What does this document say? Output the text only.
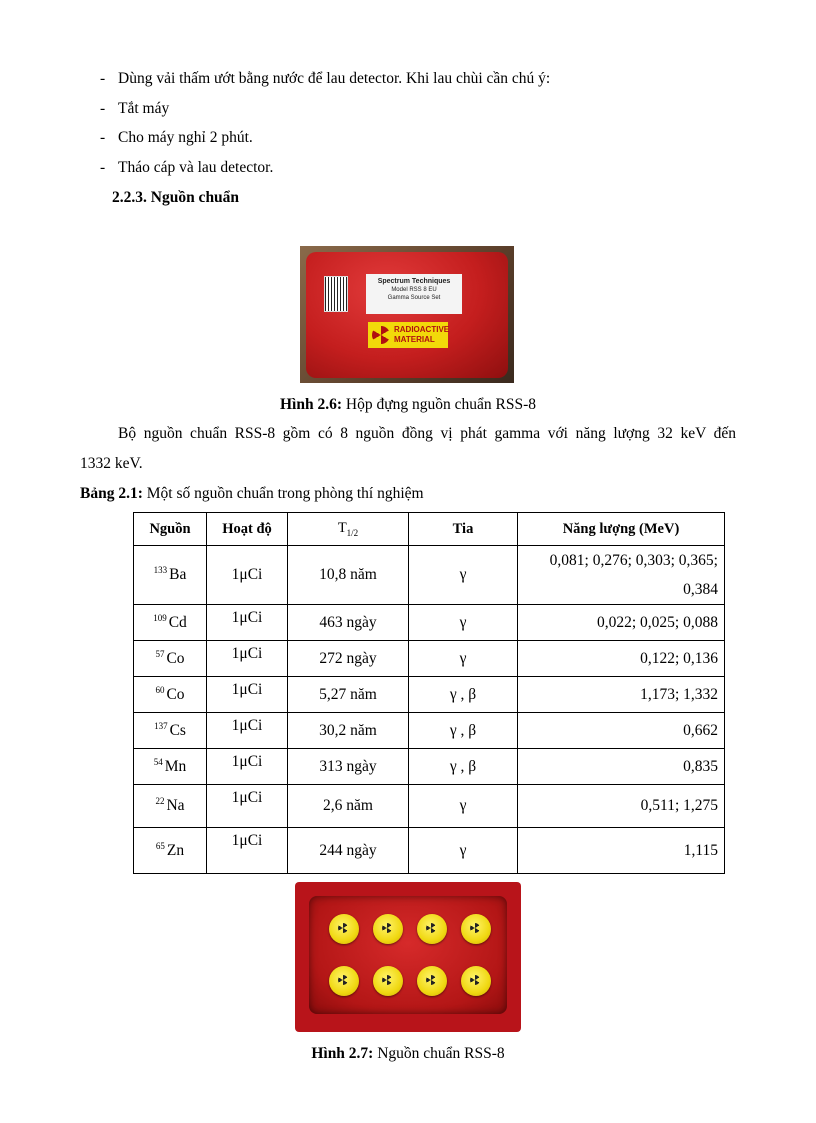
- Dùng vải thấm ướt bằng nước để lau detector. Khi lau chùi cần chú ý:
- Tắt máy
- Cho máy nghỉ 2 phút.
- Tháo cáp và lau detector.
2.2.3. Nguồn chuẩn
Spectrum Techniques
Model RSS 8 EU
Gamma Source Set
RADIOACTIVE
MATERIAL
Hình 2.6: Hộp đựng nguồn chuẩn RSS-8
Bộ nguồn chuẩn RSS-8 gồm có 8 nguồn đồng vị phát gamma với năng lượng 32 keV đến
1332 keV.
Bảng 2.1: Một số nguồn chuẩn trong phòng thí nghiệm
Nguồn	Hoạt độ	$T_{1/2}$	Tia	Năng lượng (MeV)
$^{133}$ Ba	1μCi	10,8 năm	γ	0,081; 0,276; 0,303; 0,365;
0,384

$^{109}$ Cd	1μCi	463 ngày	γ	0,022; 0,025; 0,088
$^{57}$ Co	1μCi	272 ngày	γ	0,122; 0,136
$^{60}$ Co	1μCi	5,27 năm	γ , β	1,173; 1,332
$^{137}$ Cs	1μCi	30,2 năm	γ , β	0,662
$^{54}$ Mn	1μCi	313 ngày	γ , β	0,835
$^{22}$ Na	1μCi	2,6 năm	γ	0,511; 1,275
$^{65}$ Zn	1μCi	244 ngày	γ	1,115
Hình 2.7: Nguồn chuẩn RSS-8
